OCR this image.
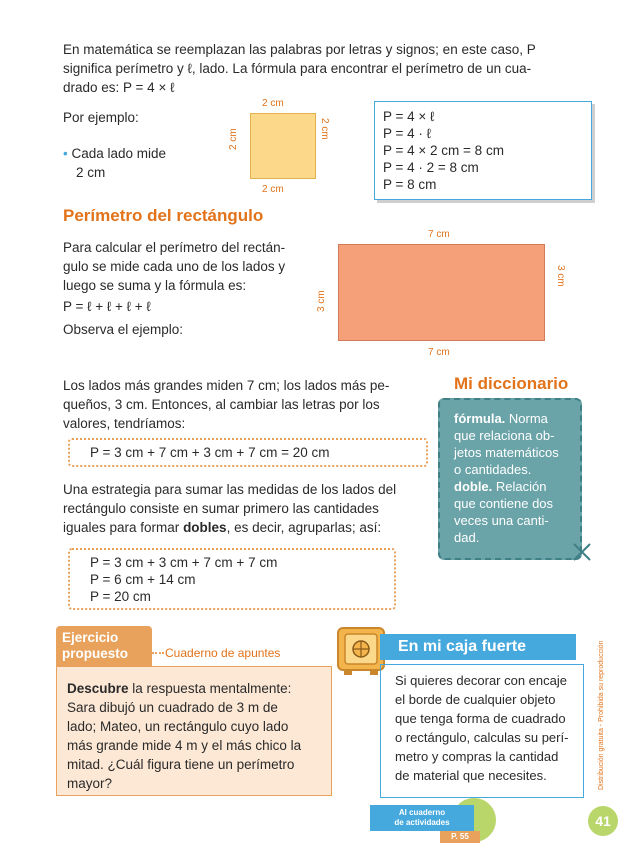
En matemática se reemplazan las palabras por letras y signos; en este caso, P
significa perímetro y ℓ, lado. La fórmula para encontrar el perímetro de un cua-
drado es: P = 4 × ℓ
Por ejemplo:
• Cada lado mide
2 cm
2 cm
2 cm	2 cm
2 cm
P = 4 × ℓ
P = 4 · ℓ
P = 4 × 2 cm = 8 cm
P = 4 · 2 = 8 cm
P = 8 cm
Perímetro del rectángulo
Para calcular el perímetro del rectán-
gulo se mide cada uno de los lados y
luego se suma y la fórmula es:
P = ℓ + ℓ + ℓ + ℓ
Observa el ejemplo:
7 cm
3 cm
3 cm
7 cm
Los lados más grandes miden 7 cm; los lados más pe-
queños, 3 cm. Entonces, al cambiar las letras por los
valores, tendríamos:
P = 3 cm + 7 cm + 3 cm + 7 cm = 20 cm
Una estrategia para sumar las medidas de los lados del
rectángulo consiste en sumar primero las cantidades
iguales para formar dobles, es decir, agruparlas; así:
P = 3 cm + 3 cm + 7 cm + 7 cm
P = 6 cm + 14 cm
P = 20 cm
Mi diccionario
fórmula. Norma
que relaciona ob-
jetos matemáticos
o cantidades.
doble. Relación
que contiene dos
veces una canti-
dad.
Ejercicio
propuesto	Cuaderno de apuntes
Descubre la respuesta mentalmente:
Sara dibujó un cuadrado de 3 m de
lado; Mateo, un rectángulo cuyo lado
más grande mide 4 m y el más chico la
mitad. ¿Cuál figura tiene un perímetro
mayor?
En mi caja fuerte
Si quieres decorar con encaje
el borde de cualquier objeto
que tenga forma de cuadrado
o rectángulo, calculas su perí-
metro y compras la cantidad
de material que necesites.
Al cuaderno
de actividades
P. 55
Distribución gratuita - Prohibida su reproducción
41
